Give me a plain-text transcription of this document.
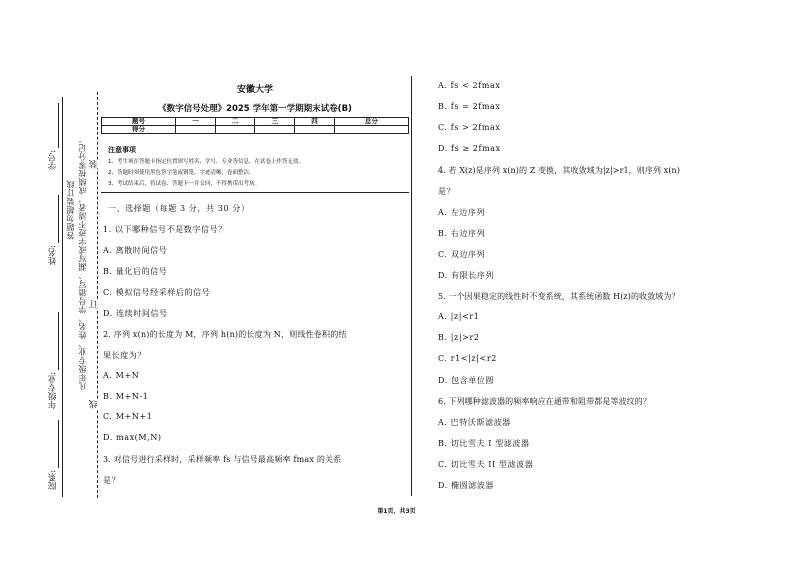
学号:
姓名:
年级专业:
院系:
凡年级专业、姓名、学号错写、漏写或字迹不清者，成绩按零分记。
答题勿超装订线
装
订
线
安徽大学
《数字信号处理》2025 学年第一学期期末试卷(B)
题号	一	二	三	四	总分
得分					
注意事项
1、考生须在答题卡指定位置填写姓名、学号、专业等信息，在试卷上作答无效。
2、答题时须使用黑色签字笔或钢笔，字迹清晰，卷面整洁。
3、考试结束后，将试卷、答题卡一并交回，不得携带出考场。
一、选择题（每题 3 分，共 30 分）
1. 以下哪种信号不是数字信号？
A. 离散时间信号
B. 量化后的信号
C. 模拟信号经采样后的信号
D. 连续时间信号
2. 序列 x(n)的长度为 M，序列 h(n)的长度为 N，则线性卷积的结
果长度为？
A. M+N
B. M+N-1
C. M+N+1
D. max(M,N)
3. 对信号进行采样时，采样频率 fs 与信号最高频率 fmax 的关系
是？
A. fs < 2fmax
B. fs = 2fmax
C. fs > 2fmax
D. fs ≥ 2fmax
4. 若 X(z)是序列 x(n)的 Z 变换，其收敛域为|z|>r1，则序列 x(n)
是？
A. 左边序列
B. 右边序列
C. 双边序列
D. 有限长序列
5. 一个因果稳定的线性时不变系统，其系统函数 H(z)的收敛域为？
A. |z|<r1
B. |z|>r2
C. r1<|z|<r2
D. 包含单位圆
6. 下列哪种滤波器的频率响应在通带和阻带都是等波纹的？
A. 巴特沃斯滤波器
B. 切比雪夫 I 型滤波器
C. 切比雪夫 II 型滤波器
D. 椭圆滤波器
第1页，共3页
